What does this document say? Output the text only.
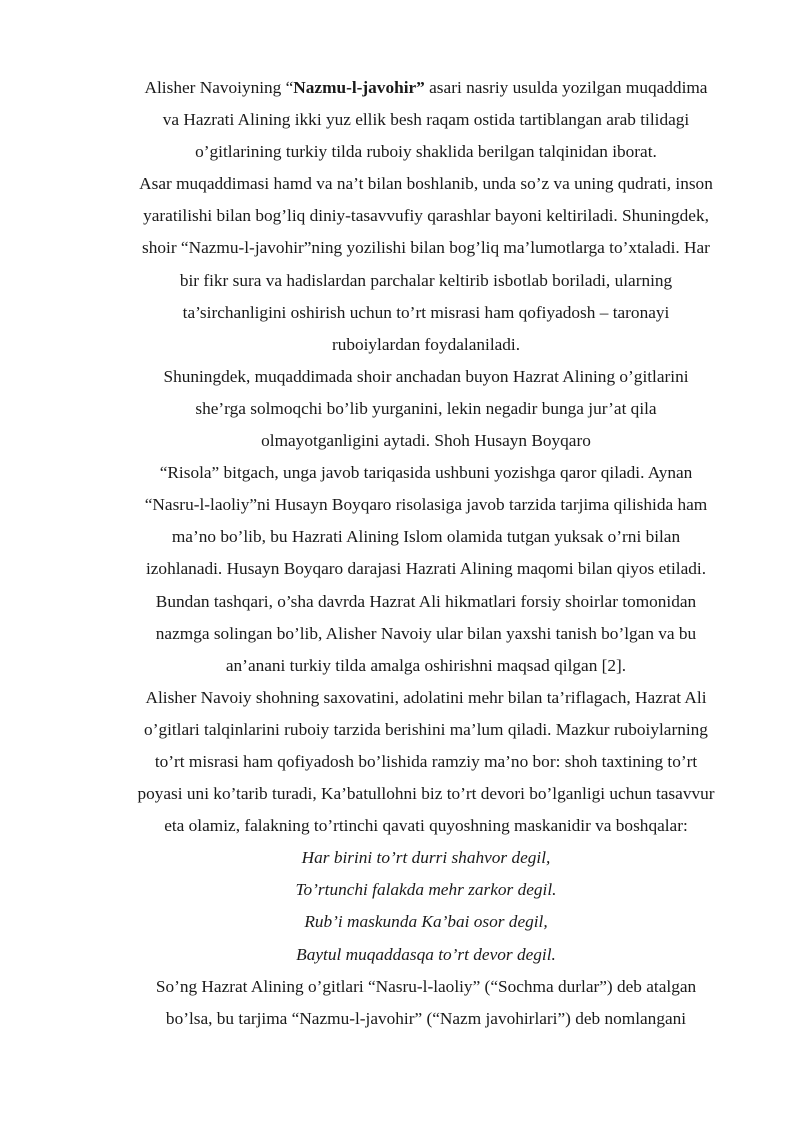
Alisher Navoiyning “Nazmu-l-javohir” asari nasriy usulda yozilgan muqaddima
va Hazrati Alining ikki yuz ellik besh raqam ostida tartiblangan arab tilidagi
o’gitlarining turkiy tilda ruboiy shaklida berilgan talqinidan iborat.
Asar muqaddimasi hamd va na’t bilan boshlanib, unda so’z va uning qudrati, inson
yaratilishi bilan bog’liq diniy-tasavvufiy qarashlar bayoni keltiriladi. Shuningdek,
shoir “Nazmu-l-javohir”ning yozilishi bilan bog’liq ma’lumotlarga to’xtaladi. Har
bir fikr sura va hadislardan parchalar keltirib isbotlab boriladi, ularning
ta’sirchanligini oshirish uchun to’rt misrasi ham qofiyadosh – taronayi
ruboiylardan foydalaniladi.
Shuningdek, muqaddimada shoir anchadan buyon Hazrat Alining o’gitlarini
she’rga solmoqchi bo’lib yurganini, lekin negadir bunga jur’at qila
olmayotganligini aytadi. Shoh Husayn Boyqaro
“Risola” bitgach, unga javob tariqasida ushbuni yozishga qaror qiladi. Aynan
“Nasru-l-laoliy”ni Husayn Boyqaro risolasiga javob tarzida tarjima qilishida ham
ma’no bo’lib, bu Hazrati Alining Islom olamida tutgan yuksak o’rni bilan
izohlanadi. Husayn Boyqaro darajasi Hazrati Alining maqomi bilan qiyos etiladi.
Bundan tashqari, o’sha davrda Hazrat Ali hikmatlari forsiy shoirlar tomonidan
nazmga solingan bo’lib, Alisher Navoiy ular bilan yaxshi tanish bo’lgan va bu
an’anani turkiy tilda amalga oshirishni maqsad qilgan [2].
Alisher Navoiy shohning saxovatini, adolatini mehr bilan ta’riflagach, Hazrat Ali
o’gitlari talqinlarini ruboiy tarzida berishini ma’lum qiladi. Mazkur ruboiylarning
to’rt misrasi ham qofiyadosh bo’lishida ramziy ma’no bor: shoh taxtining to’rt
poyasi uni ko’tarib turadi, Ka’batullohni biz to’rt devori bo’lganligi uchun tasavvur
eta olamiz, falakning to’rtinchi qavati quyoshning maskanidir va boshqalar:
Har birini to’rt durri shahvor degil,
To’rtunchi falakda mehr zarkor degil.
Rub’i maskunda Ka’bai osor degil,
Baytul muqaddasqa to’rt devor degil.
So’ng Hazrat Alining o’gitlari “Nasru-l-laoliy” (“Sochma durlar”) deb atalgan
bo’lsa, bu tarjima “Nazmu-l-javohir” (“Nazm javohirlari”) deb nomlangani
